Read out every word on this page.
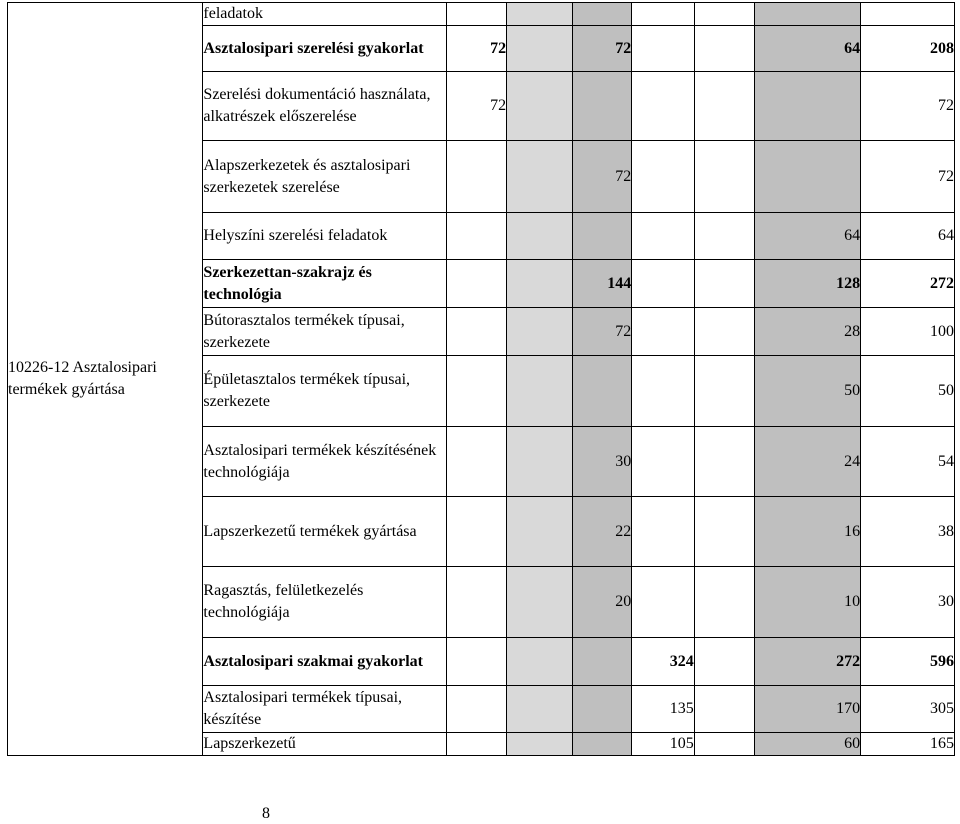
10226-12 Asztalosipari termékek gyártása	feladatok							
	Asztalosipari szerelési gyakorlat	72		72			64	208
	Szerelési dokumentáció használata, alkatrészek előszerelése	72						72
	Alapszerkezetek és asztalosipari szerkezetek szerelése			72				72
	Helyszíni szerelési feladatok						64	64
	Szerkezettan-szakrajz és technológia			144			128	272
	Bútorasztalos termékek típusai, szerkezete			72			28	100
	Épületasztalos termékek típusai, szerkezete						50	50
	Asztalosipari termékek készítésének technológiája			30			24	54
	Lapszerkezetű termékek gyártása			22			16	38
	Ragasztás, felületkezelés technológiája			20			10	30
	Asztalosipari szakmai gyakorlat				324		272	596
	Asztalosipari termékek típusai, készítése				135		170	305
	Lapszerkezetű				105		60	165
8
